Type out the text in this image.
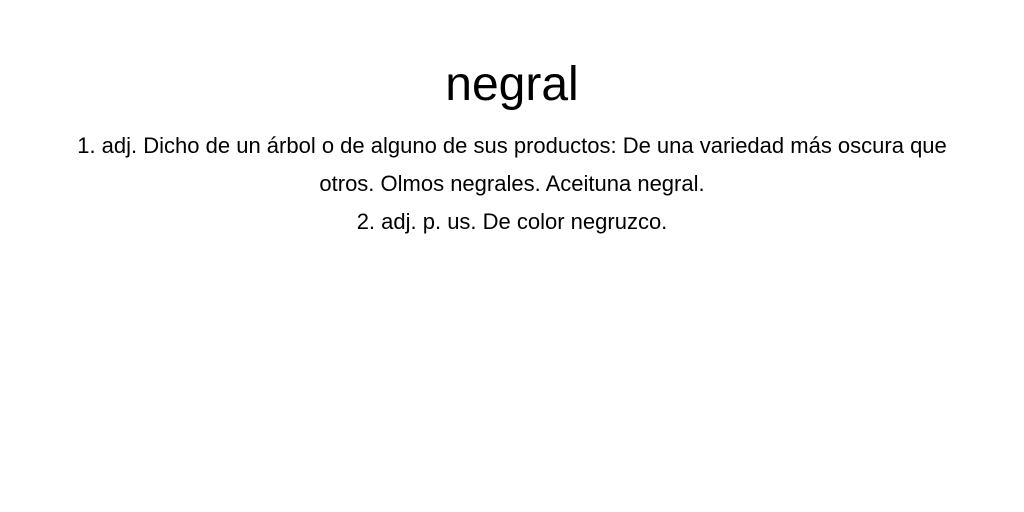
negral
1. adj. Dicho de un árbol o de alguno de sus productos: De una variedad más oscura que otros. Olmos negrales. Aceituna negral.
2. adj. p. us. De color negruzco.
